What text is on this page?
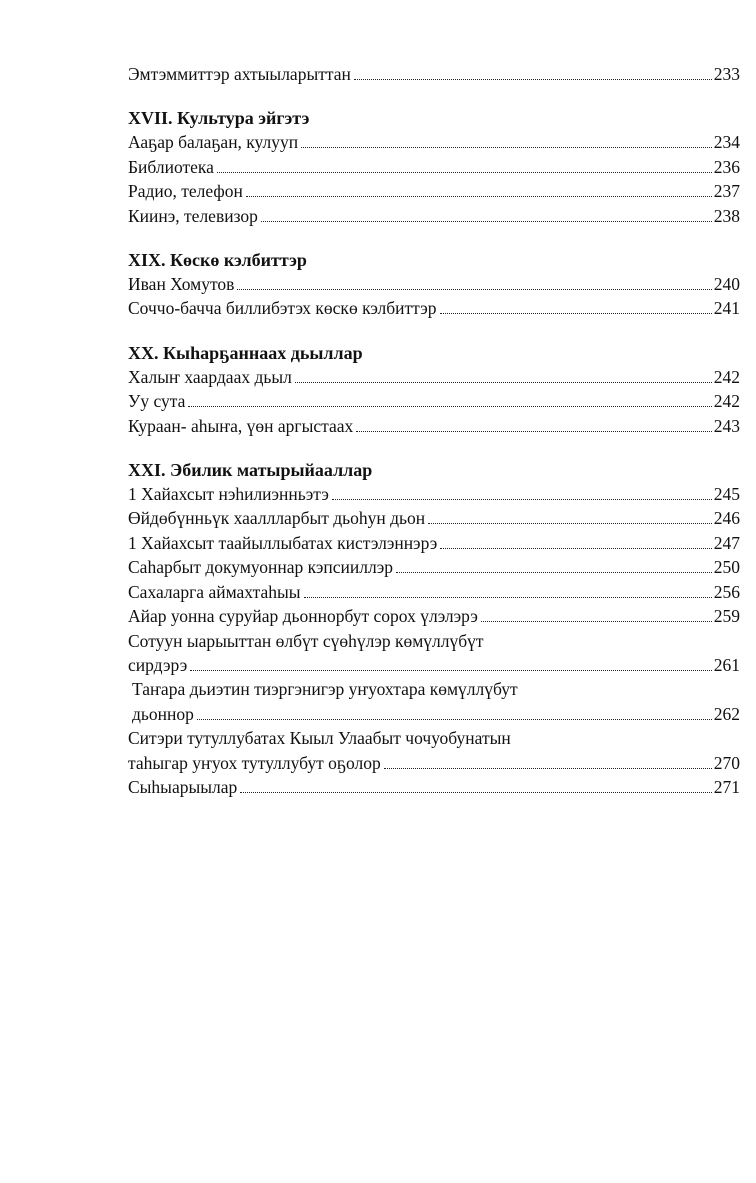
Эмтэммиттэр ахтыыларыттан	233
XVII. Культура эйгэтэ
Ааҕар балаҕан, кулууп	234
Библиотека	236
Радио, телефон	237
Киинэ, телевизор	238
XIX. Көскө кэлбиттэр
Иван Хомутов	240
Соччо-бачча биллибэтэх көскө кэлбиттэр	241
XX. Кыһарҕаннаах дьыллар
Халыҥ хаардаах дьыл	242
Уу сута	242
Кураан- аһыҥа, үөн аргыстаах	243
XXI. Эбилик матырыйааллар
1 Хайахсыт нэһилиэнньэтэ	245
Өйдөбүнньүк хааллларбыт дьоһун дьон	246
1 Хайахсыт таайыллыбатах кистэлэннэрэ	247
Саһарбыт докумуоннар кэпсииллэр	250
Сахаларга аймахтаһыы	256
Айар уонна суруйар дьоннорбут сорох үлэлэрэ	259
Сотуун ыарыыттан өлбүт сүөһүлэр көмүллүбүт
сирдэрэ	261
Таҥара дьиэтин тиэргэнигэр уҥуохтара көмүллүбут
дьоннор	262
Ситэри тутуллубатах Кыыл Улаабыт чочуобунатын
таһыгар уҥуох тутуллубут оҕолор	270
Сыһыарыылар	271
